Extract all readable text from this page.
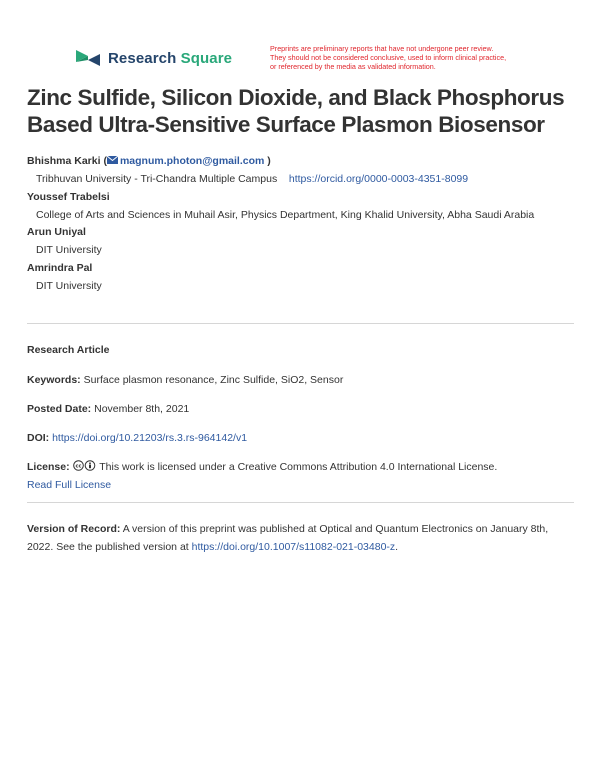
Research Square
Preprints are preliminary reports that have not undergone peer review.
They should not be considered conclusive, used to inform clinical practice,
or referenced by the media as validated information.
Zinc Sulfide, Silicon Dioxide, and Black Phosphorus
Based Ultra-Sensitive Surface Plasmon Biosensor
Bhishma Karki ( magnum.photon@gmail.com )
Tribhuvan University - Tri-Chandra Multiple Campus https://orcid.org/0000-0003-4351-8099
Youssef Trabelsi
College of Arts and Sciences in Muhail Asir, Physics Department, King Khalid University, Abha Saudi Arabia
Arun Uniyal
DIT University
Amrindra Pal
DIT University
Research Article
Keywords: Surface plasmon resonance, Zinc Sulfide, SiO2, Sensor
Posted Date: November 8th, 2021
DOI: https://doi.org/10.21203/rs.3.rs-964142/v1
License: cc This work is licensed under a Creative Commons Attribution 4.0 International License.
Read Full License
Version of Record: A version of this preprint was published at Optical and Quantum Electronics on January 8th, 2022. See the published version at https://doi.org/10.1007/s11082-021-03480-z.
